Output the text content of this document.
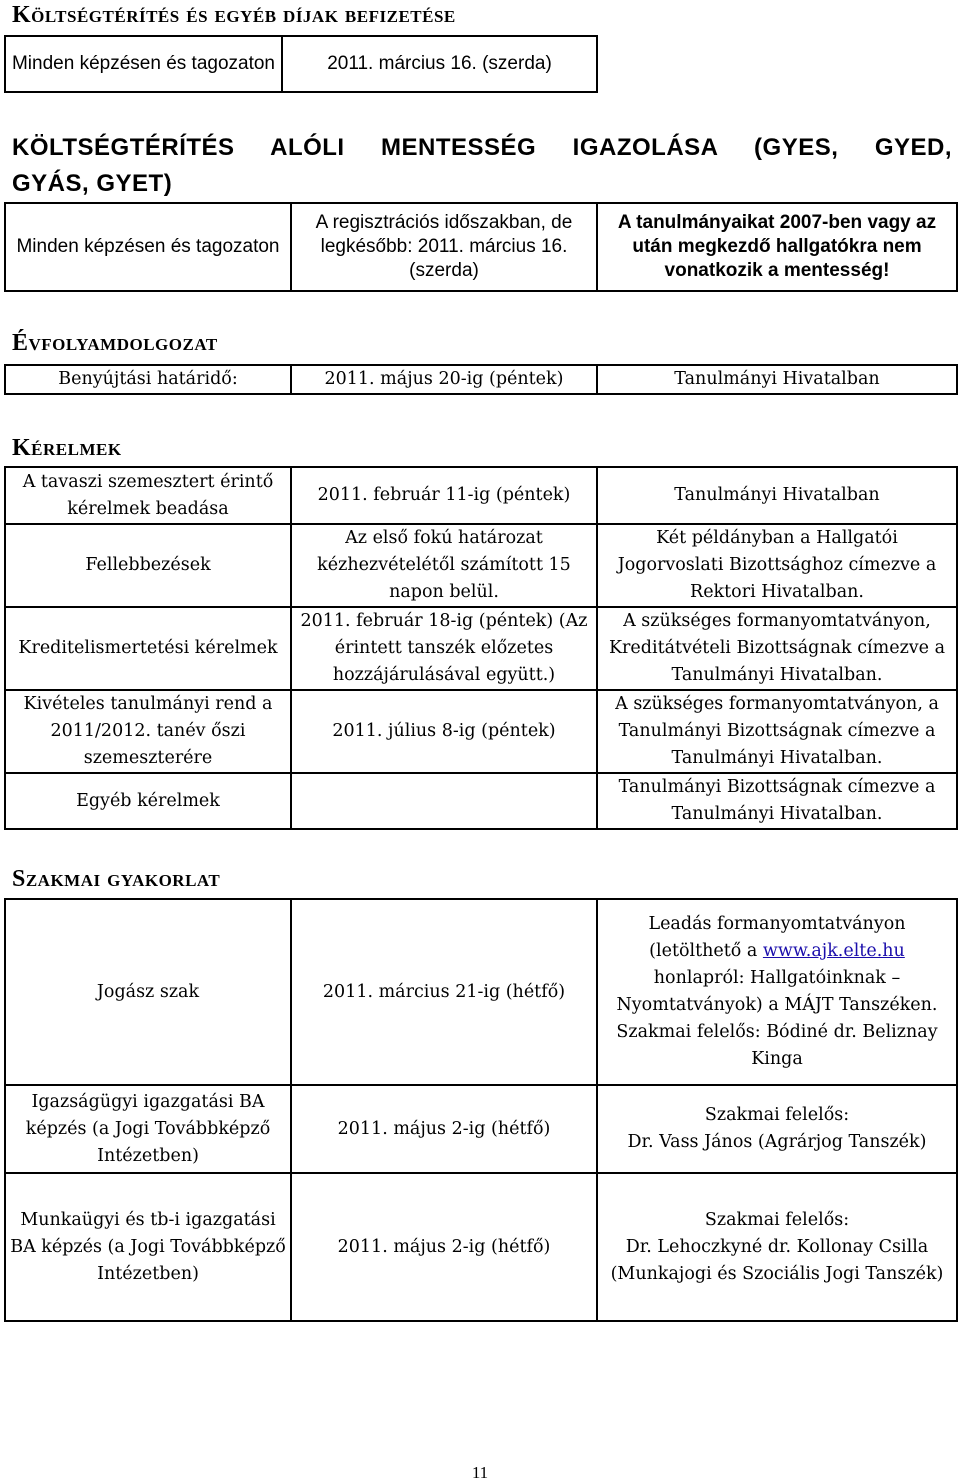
Költségtérítés és egyéb díjak befizetése
Minden képzésen és tagozaton	2011. március 16. (szerda)
KÖLTSÉGTÉRÍTÉS ALÓLI MENTESSÉG IGAZOLÁSA (GYES, GYED,
GYÁS, GYET)
Minden képzésen és tagozaton	A regisztrációs időszakban, de legkésőbb: 2011. március 16. (szerda)	A tanulmányaikat 2007-ben vagy az után megkezdő hallgatókra nem vonatkozik a mentesség!
Évfolyamdolgozat
Benyújtási határidő:	2011. május 20-ig (péntek)	Tanulmányi Hivatalban
Kérelmek
A tavaszi szemesztert érintő kérelmek beadása	2011. február 11-ig (péntek)	Tanulmányi Hivatalban
Fellebbezések	Az első fokú határozat kézhezvételétől számított 15 napon belül.	Két példányban a Hallgatói Jogorvoslati Bizottsághoz címezve a Rektori Hivatalban.
Kreditelismertetési kérelmek	2011. február 18-ig (péntek) (Az érintett tanszék előzetes hozzájárulásával együtt.)	A szükséges formanyomtatványon, Kreditátvételi Bizottságnak címezve a Tanulmányi Hivatalban.
Kivételes tanulmányi rend a 2011/2012. tanév őszi szemeszterére	2011. július 8-ig (péntek)	A szükséges formanyomtatványon, a Tanulmányi Bizottságnak címezve a Tanulmányi Hivatalban.
Egyéb kérelmek		Tanulmányi Bizottságnak címezve a Tanulmányi Hivatalban.
Szakmai gyakorlat
Jogász szak	2011. március 21-ig (hétfő)	Leadás formanyomtatványon (letölthető a www.ajk.elte.hu honlapról: Hallgatóinknak – Nyomtatványok) a MÁJT Tanszéken.
Szakmai felelős: Bódiné dr. Beliznay Kinga

Igazságügyi igazgatási BA képzés (a Jogi Továbbképző Intézetben)	2011. május 2-ig (hétfő)	Szakmai felelős:
Dr. Vass János (Agrárjog Tanszék)

Munkaügyi és tb-i igazgatási BA képzés (a Jogi Továbbképző Intézetben)	2011. május 2-ig (hétfő)	Szakmai felelős:
Dr. Lehoczkyné dr. Kollonay Csilla (Munkajogi és Szociális Jogi Tanszék)
11
